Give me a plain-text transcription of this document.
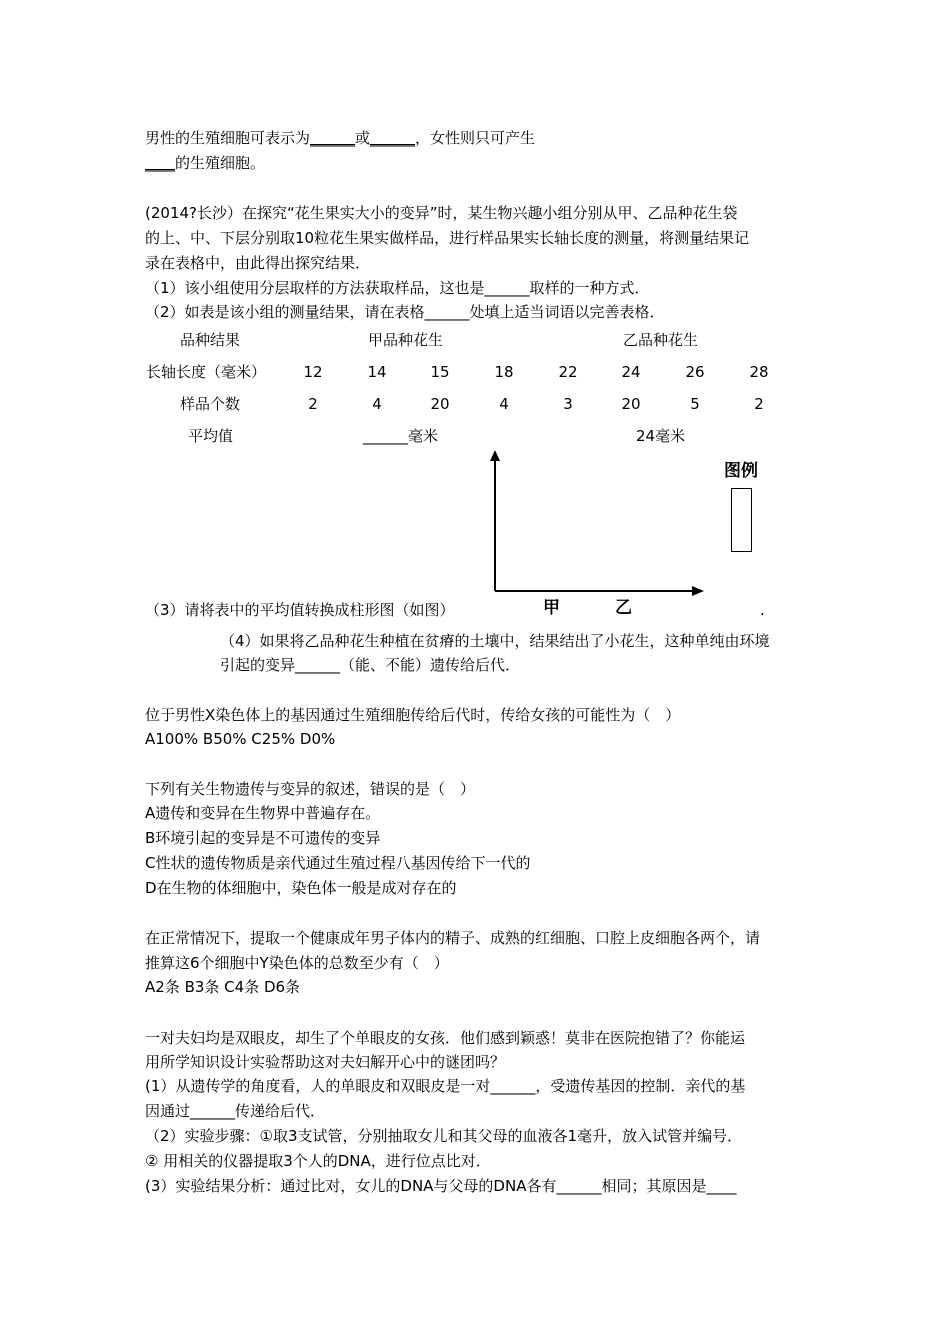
男性的生殖细胞可表示为______或______，女性则只可产生
____的生殖细胞。
(2014?长沙）在探究“花生果实大小的变异”时，某生物兴趣小组分别从甲、乙品种花生袋
的上、中、下层分别取10粒花生果实做样品，进行样品果实长轴长度的测量，将测量结果记
录在表格中，由此得出探究结果．
（1）该小组使用分层取样的方法获取样品，这也是______取样的一种方式．
（2）如表是该小组的测量结果，请在表格______处填上适当词语以完善表格．
品种结果	甲品种花生	乙品种花生
长轴长度（毫米） 12	14	15	18	22	24	26	28
样品个数	2	4	20	4	3	20	5	2
平均值	______毫米	24毫米
图例
（3）请将表中的平均值转换成柱形图（如图）	甲	乙	.
（4）如果将乙品种花生种植在贫瘠的土壤中，结果结出了小花生，这种单纯由环境
引起的变异______（能、不能）遗传给后代．
位于男性X染色体上的基因通过生殖细胞传给后代时，传给女孩的可能性为（　）
A100% B50% C25% D0%
下列有关生物遗传与变异的叙述，错误的是（　）
A遗传和变异在生物界中普遍存在。
B环境引起的变异是不可遗传的变异
C性状的遗传物质是亲代通过生殖过程八基因传给下一代的
D在生物的体细胞中，染色体一般是成对存在的
在正常情况下，提取一个健康成年男子体内的精子、成熟的红细胞、口腔上皮细胞各两个，请
推算这6个细胞中Y染色体的总数至少有（　）
A2条 B3条 C4条 D6条
一对夫妇均是双眼皮，却生了个单眼皮的女孩．他们感到颖惑！莫非在医院抱错了？你能运
用所学知识设计实验帮助这对夫妇解开心中的谜团吗？
(1）从遗传学的角度看，人的单眼皮和双眼皮是一对______，受遗传基因的控制．亲代的基
因通过______传递给后代．
（2）实验步骤：①取3支试管，分别抽取女儿和其父母的血液各1毫升，放入试管并编号．
② 用相关的仪器提取3个人的DNA，进行位点比对．
(3）实验结果分析：通过比对，女儿的DNA与父母的DNA各有______相同；其原因是____
